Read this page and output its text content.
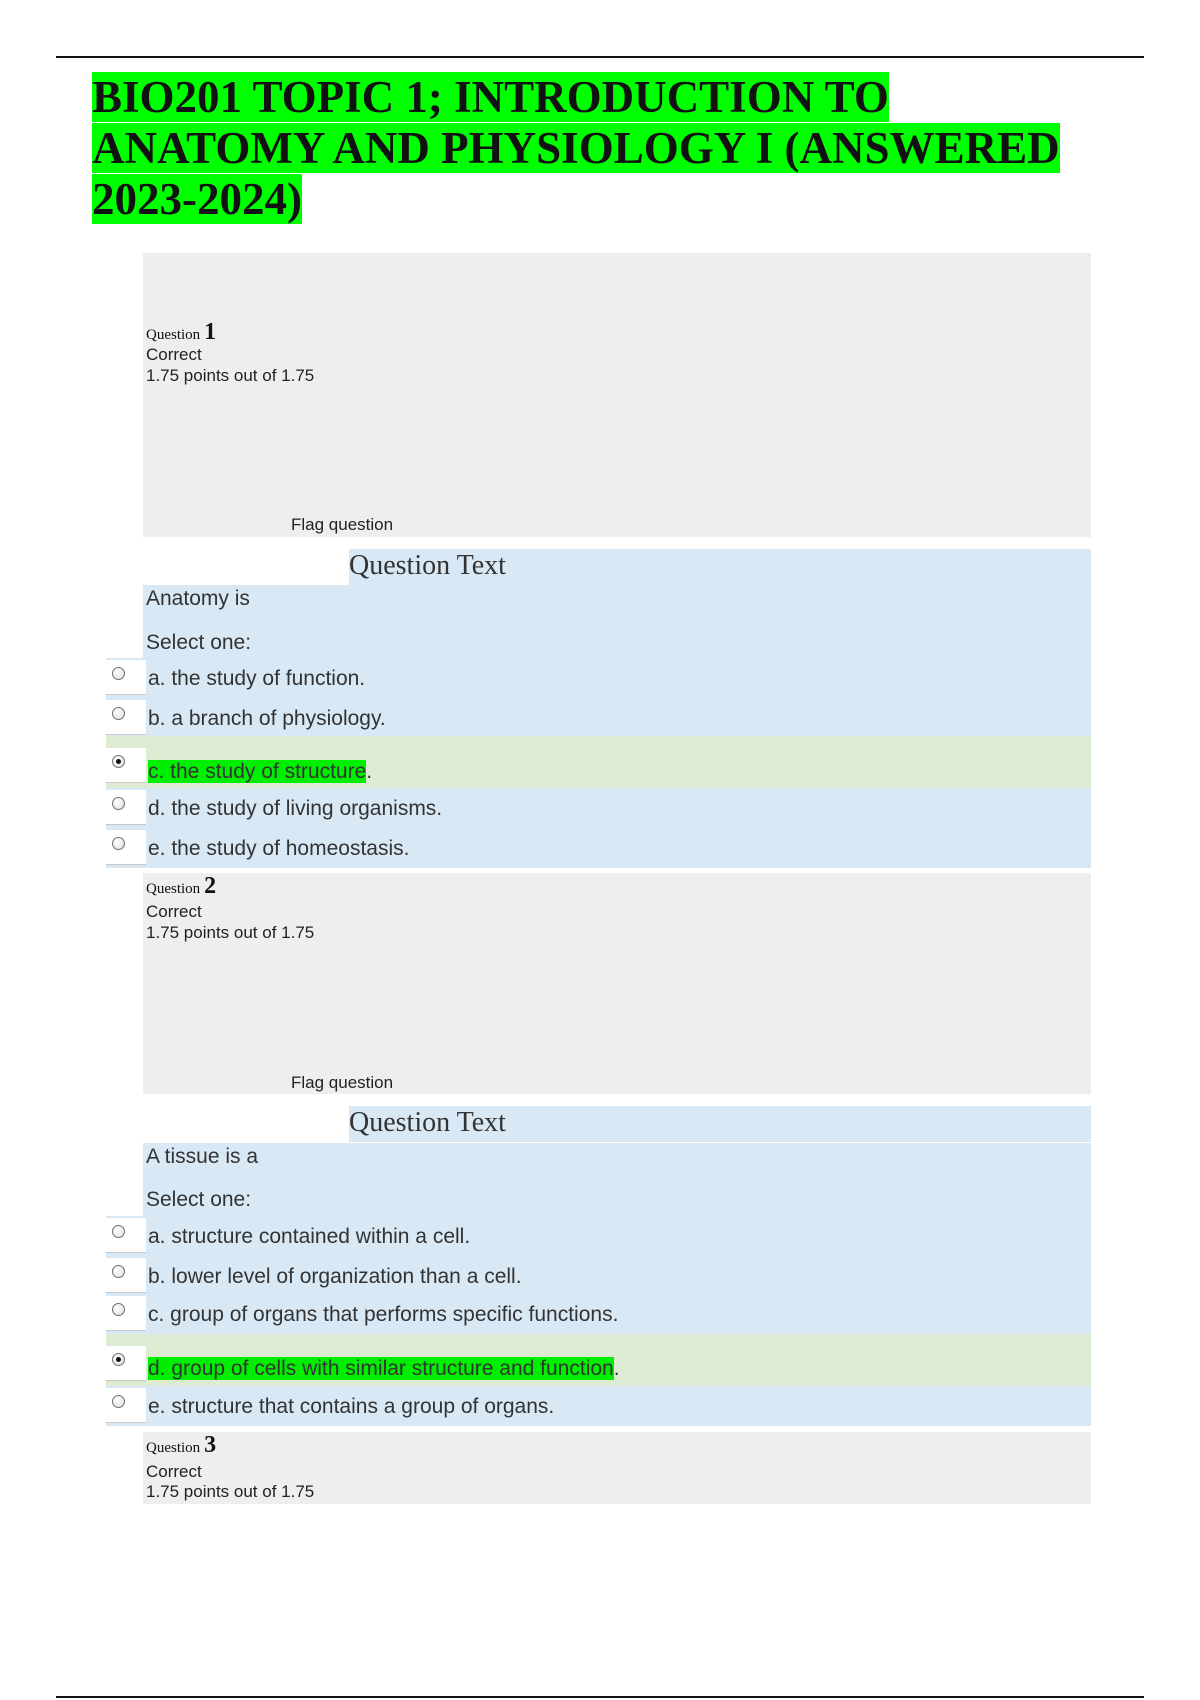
BIO201 TOPIC 1; INTRODUCTION TO ANATOMY AND PHYSIOLOGY I (ANSWERED 2023-2024)
Question 1
Correct
1.75 points out of 1.75
Flag question
Question Text
Anatomy is
Select one:
a. the study of function.
b. a branch of physiology.
c. the study of structure.
d. the study of living organisms.
e. the study of homeostasis.
Question 2
Correct
1.75 points out of 1.75
Flag question
Question Text
A tissue is a
Select one:
a. structure contained within a cell.
b. lower level of organization than a cell.
c. group of organs that performs specific functions.
d. group of cells with similar structure and function.
e. structure that contains a group of organs.
Question 3
Correct
1.75 points out of 1.75
